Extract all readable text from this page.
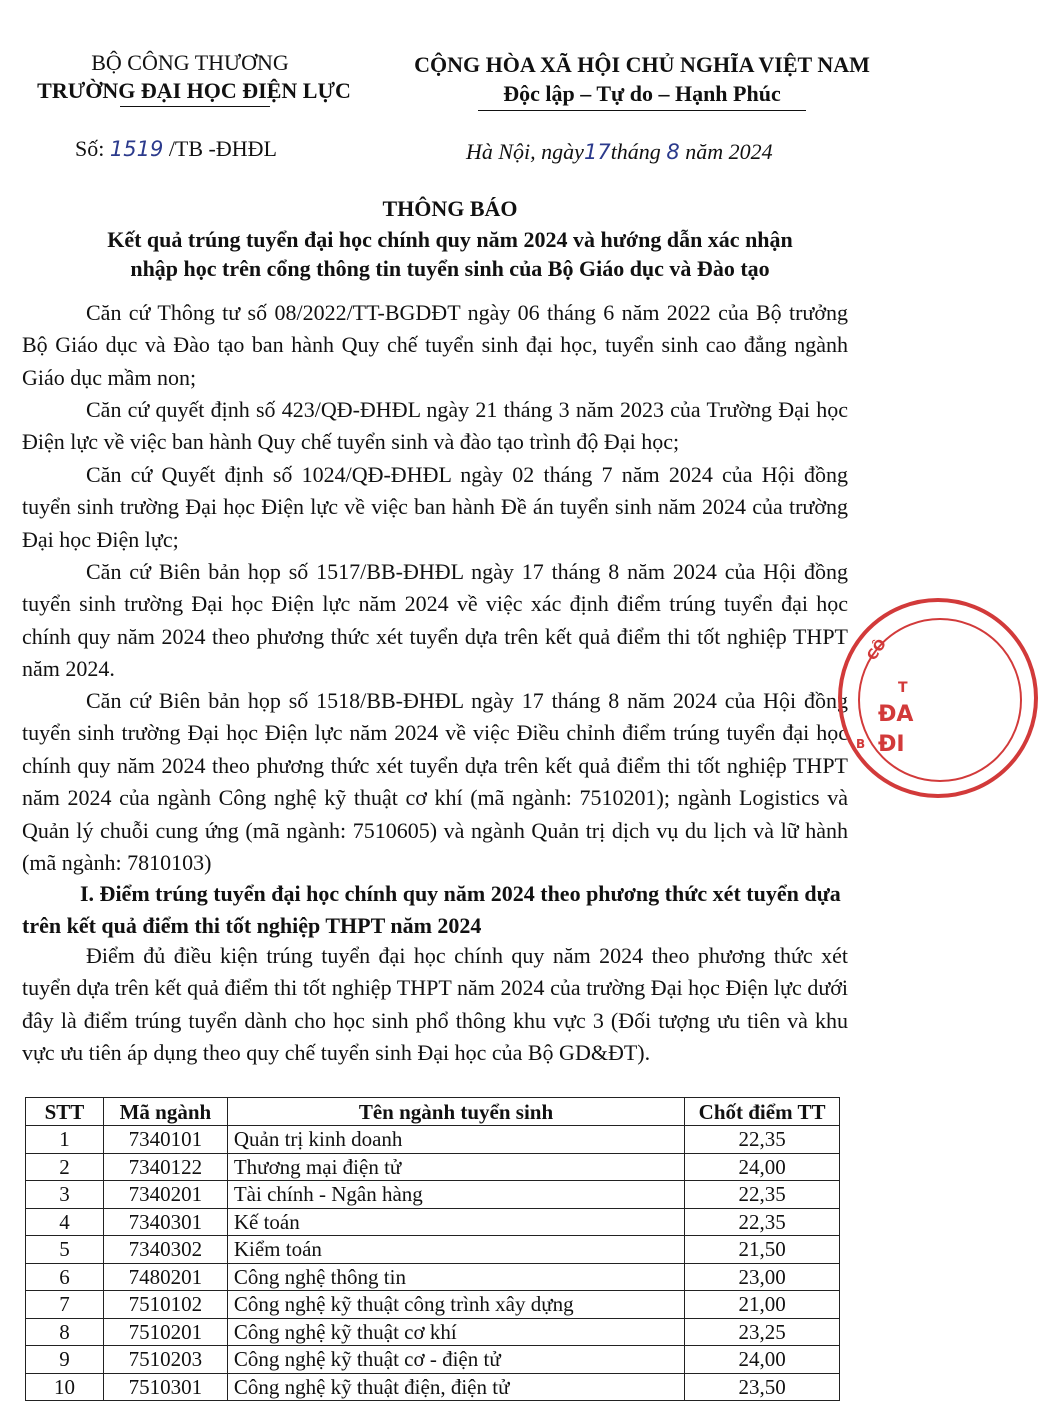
BỘ CÔNG THƯƠNG
TRƯỜNG ĐẠI HỌC ĐIỆN LỰC
CỘNG HÒA XÃ HỘI CHỦ NGHĨA VIỆT NAM
Độc lập – Tự do – Hạnh Phúc
Số: 1519 /TB -ĐHĐL	Hà Nội, ngày17tháng 8 năm 2024
THÔNG BÁO
Kết quả trúng tuyển đại học chính quy năm 2024 và hướng dẫn xác nhận
nhập học trên cổng thông tin tuyển sinh của Bộ Giáo dục và Đào tạo
Căn cứ Thông tư số 08/2022/TT-BGDĐT ngày 06 tháng 6 năm 2022 của Bộ trưởng Bộ Giáo dục và Đào tạo ban hành Quy chế tuyển sinh đại học, tuyển sinh cao đẳng ngành Giáo dục mầm non;
Căn cứ quyết định số 423/QĐ-ĐHĐL ngày 21 tháng 3 năm 2023 của Trường Đại học Điện lực về việc ban hành Quy chế tuyển sinh và đào tạo trình độ Đại học;
Căn cứ Quyết định số 1024/QĐ-ĐHĐL ngày 02 tháng 7 năm 2024 của Hội đồng tuyển sinh trường Đại học Điện lực về việc ban hành Đề án tuyển sinh năm 2024 của trường Đại học Điện lực;
Căn cứ Biên bản họp số 1517/BB-ĐHĐL ngày 17 tháng 8 năm 2024 của Hội đồng tuyển sinh trường Đại học Điện lực năm 2024 về việc xác định điểm trúng tuyển đại học chính quy năm 2024 theo phương thức xét tuyển dựa trên kết quả điểm thi tốt nghiệp THPT năm 2024.
Căn cứ Biên bản họp số 1518/BB-ĐHĐL ngày 17 tháng 8 năm 2024 của Hội đồng tuyển sinh trường Đại học Điện lực năm 2024 về việc Điều chỉnh điểm trúng tuyển đại học chính quy năm 2024 theo phương thức xét tuyển dựa trên kết quả điểm thi tốt nghiệp THPT năm 2024 của ngành Công nghệ kỹ thuật cơ khí (mã ngành: 7510201); ngành Logistics và Quản lý chuỗi cung ứng (mã ngành: 7510605) và ngành Quản trị dịch vụ du lịch và lữ hành (mã ngành: 7810103)
I. Điểm trúng tuyển đại học chính quy năm 2024 theo phương thức xét tuyển dựa trên kết quả điểm thi tốt nghiệp THPT năm 2024
Điểm đủ điều kiện trúng tuyển đại học chính quy năm 2024 theo phương thức xét tuyển dựa trên kết quả điểm thi tốt nghiệp THPT năm 2024 của trường Đại học Điện lực dưới đây là điểm trúng tuyển dành cho học sinh phổ thông khu vực 3 (Đối tượng ưu tiên và khu vực ưu tiên áp dụng theo quy chế tuyển sinh Đại học của Bộ GD&ĐT).
STT	Mã ngành	Tên ngành tuyển sinh	Chốt điểm TT
1	7340101	Quản trị kinh doanh	22,35
2	7340122	Thương mại điện tử	24,00
3	7340201	Tài chính - Ngân hàng	22,35
4	7340301	Kế toán	22,35
5	7340302	Kiểm toán	21,50
6	7480201	Công nghệ thông tin	23,00
7	7510102	Công nghệ kỹ thuật công trình xây dựng	21,00
8	7510201	Công nghệ kỹ thuật cơ khí	23,25
9	7510203	Công nghệ kỹ thuật cơ - điện tử	24,00
10	7510301	Công nghệ kỹ thuật điện, điện tử	23,50
CÔ
T
ĐA
ĐI
B
